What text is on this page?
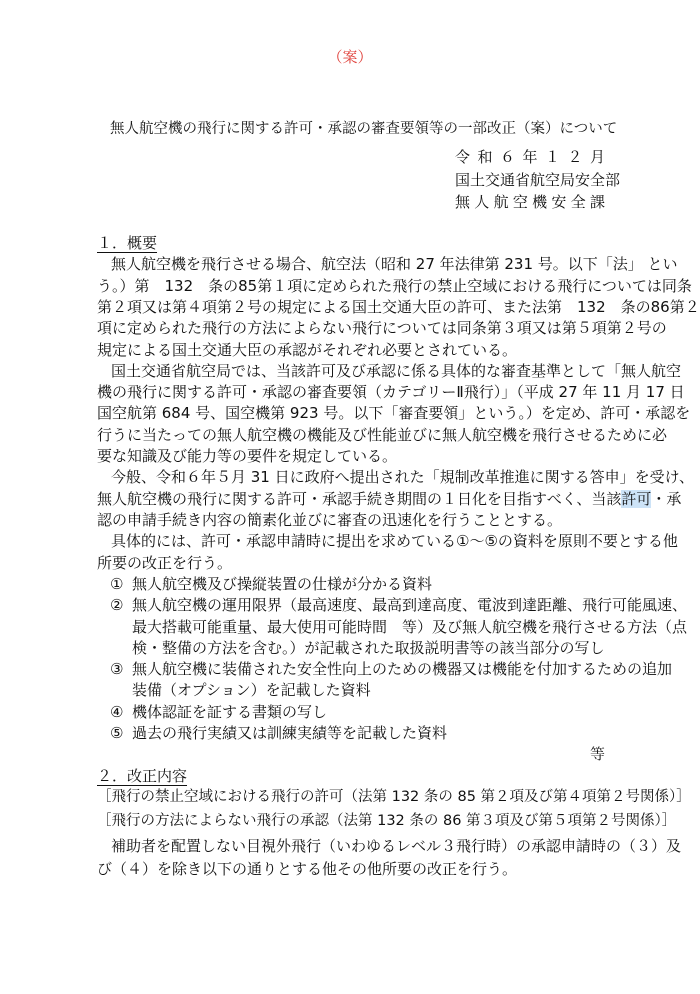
（案）
無人航空機の飛行に関する許可・承認の審査要領等の一部改正（案）について
令和６年１２月
国土交通省航空局安全部
無人航空機安全課
１．概要
無人航空機を飛行させる場合、航空法（昭和 27 年法律第 231 号。以下「法」 とい
う。）第　132　条の85第１項に定められた飛行の禁止空域における飛行については同条
第２項又は第４項第２号の規定による国土交通大臣の許可、また法第　132　条の86第２
項に定められた飛行の方法によらない飛行については同条第３項又は第５項第２号の
規定による国土交通大臣の承認がそれぞれ必要とされている。
国土交通省航空局では、当該許可及び承認に係る具体的な審査基準として「無人航空
機の飛行に関する許可・承認の審査要領（カテゴリーⅡ飛行）」（平成 27 年 11 月 17 日
国空航第 684 号、国空機第 923 号。以下「審査要領」という。）を定め、許可・承認を
行うに当たっての無人航空機の機能及び性能並びに無人航空機を飛行させるために必
要な知識及び能力等の要件を規定している。
今般、令和６年５月 31 日に政府へ提出された「規制改革推進に関する答申」を受け、
無人航空機の飛行に関する許可・承認手続き期間の１日化を目指すべく、当該許可・承
認の申請手続き内容の簡素化並びに審査の迅速化を行うこととする。
具体的には、許可・承認申請時に提出を求めている①～⑤の資料を原則不要とする他
所要の改正を行う。
① 無人航空機及び操縦装置の仕様が分かる資料
② 無人航空機の運用限界（最高速度、最高到達高度、電波到達距離、飛行可能風速、
最大搭載可能重量、最大使用可能時間　等）及び無人航空機を飛行させる方法（点
検・整備の方法を含む。）が記載された取扱説明書等の該当部分の写し
③ 無人航空機に装備された安全性向上のための機器又は機能を付加するための追加
装備（オプション）を記載した資料
④ 機体認証を証する書類の写し
⑤ 過去の飛行実績又は訓練実績等を記載した資料
等
２．改正内容
［飛行の禁止空域における飛行の許可（法第 132 条の 85 第２項及び第４項第２号関係）］
［飛行の方法によらない飛行の承認（法第 132 条の 86 第３項及び第５項第２号関係）］
補助者を配置しない目視外飛行（いわゆるレベル３飛行時）の承認申請時の（３）及
び（４）を除き以下の通りとする他その他所要の改正を行う。
